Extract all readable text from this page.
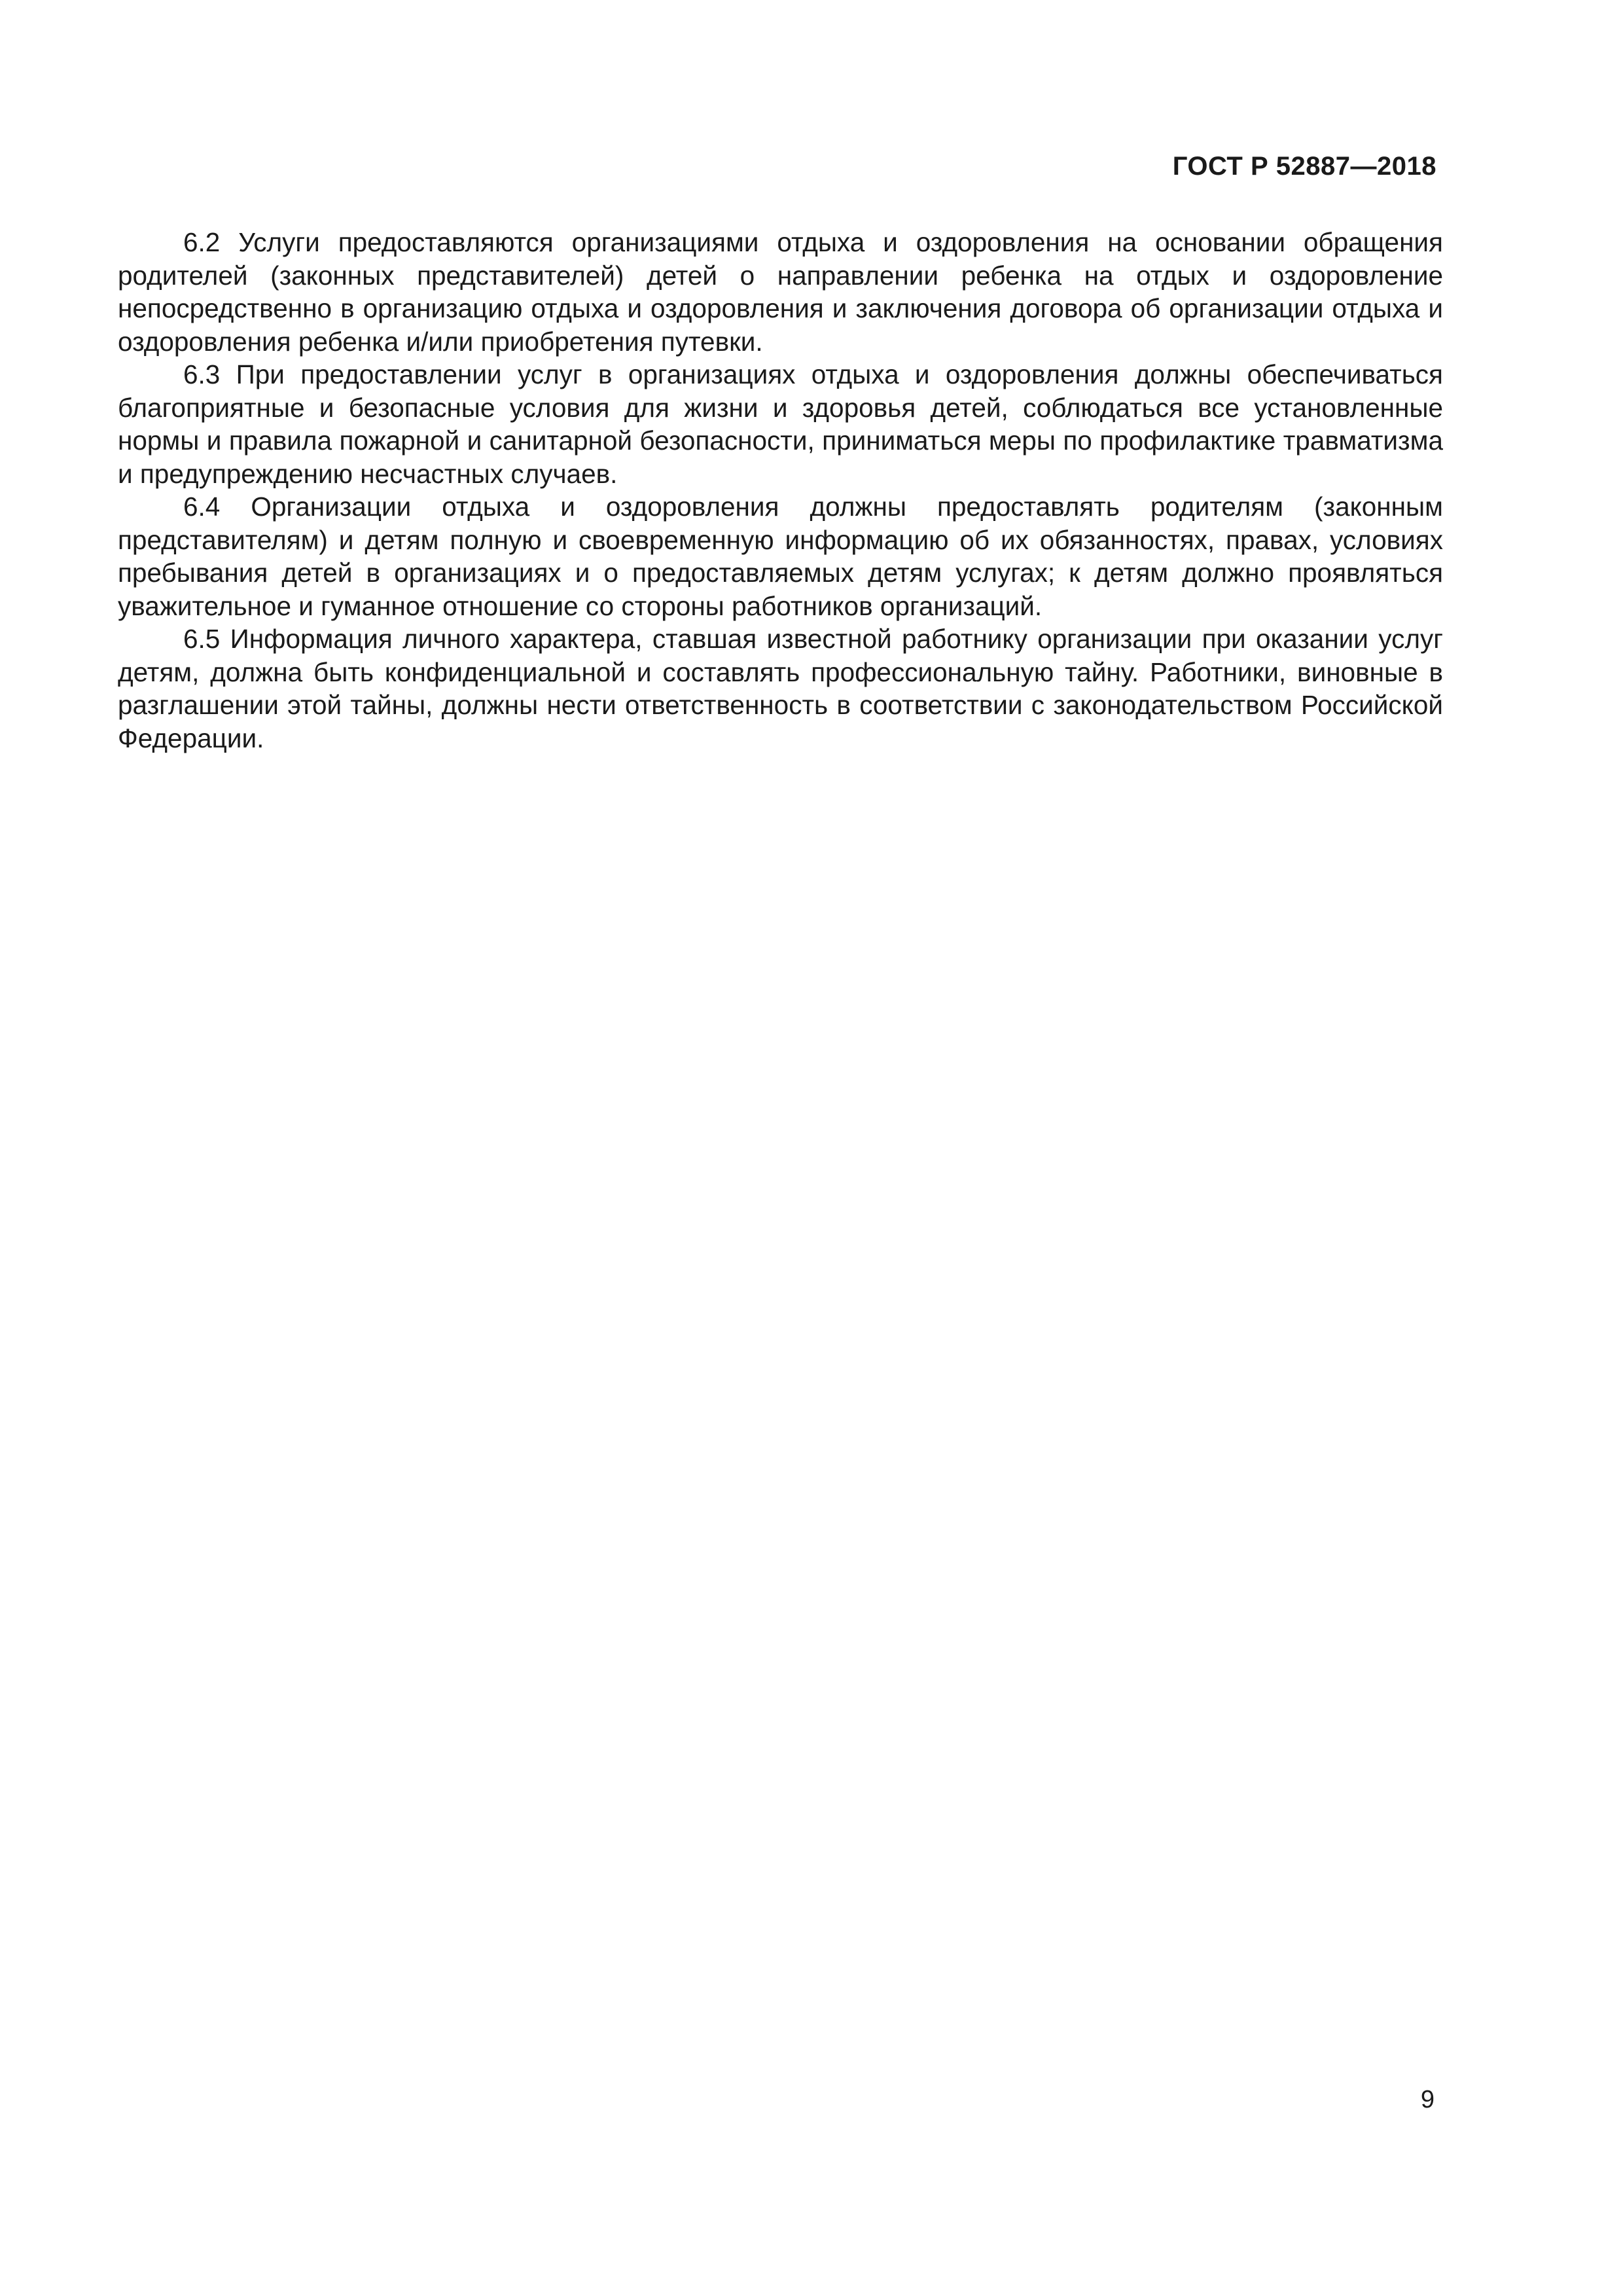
ГОСТ Р 52887—2018

6.2 Услуги предоставляются организациями отдыха и оздоровления на основании обращения родителей (законных представителей) детей о направлении ребенка на отдых и оздоровление непосредственно в организацию отдыха и оздоровления и заключения договора об организации отдыха и оздоровления ребенка и/или приобретения путевки.

6.3 При предоставлении услуг в организациях отдыха и оздоровления должны обеспечиваться благоприятные и безопасные условия для жизни и здоровья детей, соблюдаться все установленные нормы и правила пожарной и санитарной безопасности, приниматься меры по профилактике травматизма и предупреждению несчастных случаев.

6.4 Организации отдыха и оздоровления должны предоставлять родителям (законным представителям) и детям полную и своевременную информацию об их обязанностях, правах, условиях пребывания детей в организациях и о предоставляемых детям услугах; к детям должно проявляться уважительное и гуманное отношение со стороны работников организаций.

6.5 Информация личного характера, ставшая известной работнику организации при оказании услуг детям, должна быть конфиденциальной и составлять профессиональную тайну. Работники, виновные в разглашении этой тайны, должны нести ответственность в соответствии с законодательством Российской Федерации.

9
